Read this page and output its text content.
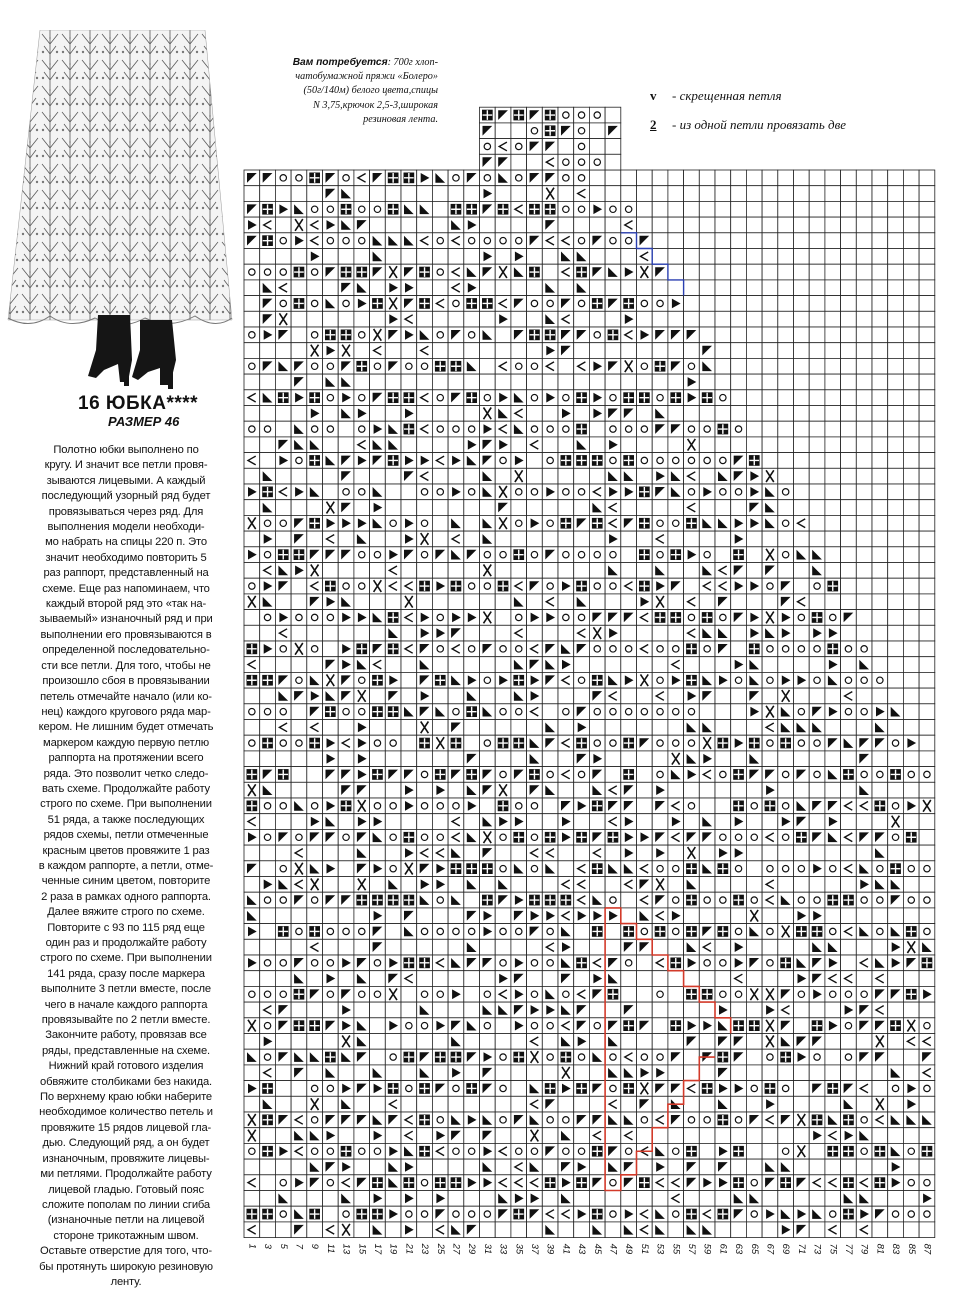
16 ЮБКА****
РАЗМЕР 46
Полотно юбки выполнено по
кругу. И значит все петли провя-
зываются лицевыми. А каждый
последующий узорный ряд будет
провязываться через ряд. Для
выполнения модели необходи-
мо набрать на спицы 220 п. Это
значит необходимо повторить 5
раз раппорт, представленный на
схеме. Еще раз напоминаем, что
каждый второй ряд это «так на-
зываемый» изнаночный ряд и при
выполнении его провязываются в
определенной последовательно-
сти все петли. Для того, чтобы не
произошло сбоя в провязывании
петель отмечайте начало (или ко-
нец) каждого кругового ряда мар-
кером. Не лишним будет отмечать
маркером каждую первую петлю
раппорта на протяжении всего
ряда. Это позволит четко следо-
вать схеме. Продолжайте работу
строго по схеме. При выполнении
51 ряда, а также последующих
рядов схемы, петли отмеченные
красным цветов провяжите 1 раз
в каждом раппорте, а петли, отме-
ченные синим цветом, повторите
2 раза в рамках одного раппорта.
Далее вяжите строго по схеме.
Повторите с 93 по 115 ряд еще
один раз и продолжайте работу
строго по схеме. При выполнении
141 ряда, сразу после маркера
выполните 3 петли вместе, после
чего в начале каждого раппорта
провязывайте по 2 петли вместе.
Закончите работу, провязав все
ряды, представленные на схеме.
Нижний край готового изделия
обвяжите столбиками без накида.
По верхнему краю юбки наберите
необходимое количество петель и
провяжите 15 рядов лицевой гла-
дью. Следующий ряд, а он будет
изнаночным, провяжите лицевы-
ми петлями. Продолжайте работу
лицевой гладью. Готовый пояс
сложите пополам по линии сгиба
(изнаночные петли на лицевой
стороне трикотажным швом.
Оставьте отверстие для того, что-
бы протянуть широкую резиновую
ленту.
Вам потребуется: 700г хлоп-
чатобумажной пряжи «Болеро»
(50г/140м) белого цвета,спицы
N 3,75,крючок 2,5-3,широкая
резиновая лента.
v - скрещенная петля
2 - из одной петли провязать две
1 3 5 7 9 11 13 15 17 19 21 23 25 27 29 31 33 35 37 39 41 43 45 47 49 51 53 55 57 59 61 63 65 67 69 71 73 75 77 79 81 83 85 87
